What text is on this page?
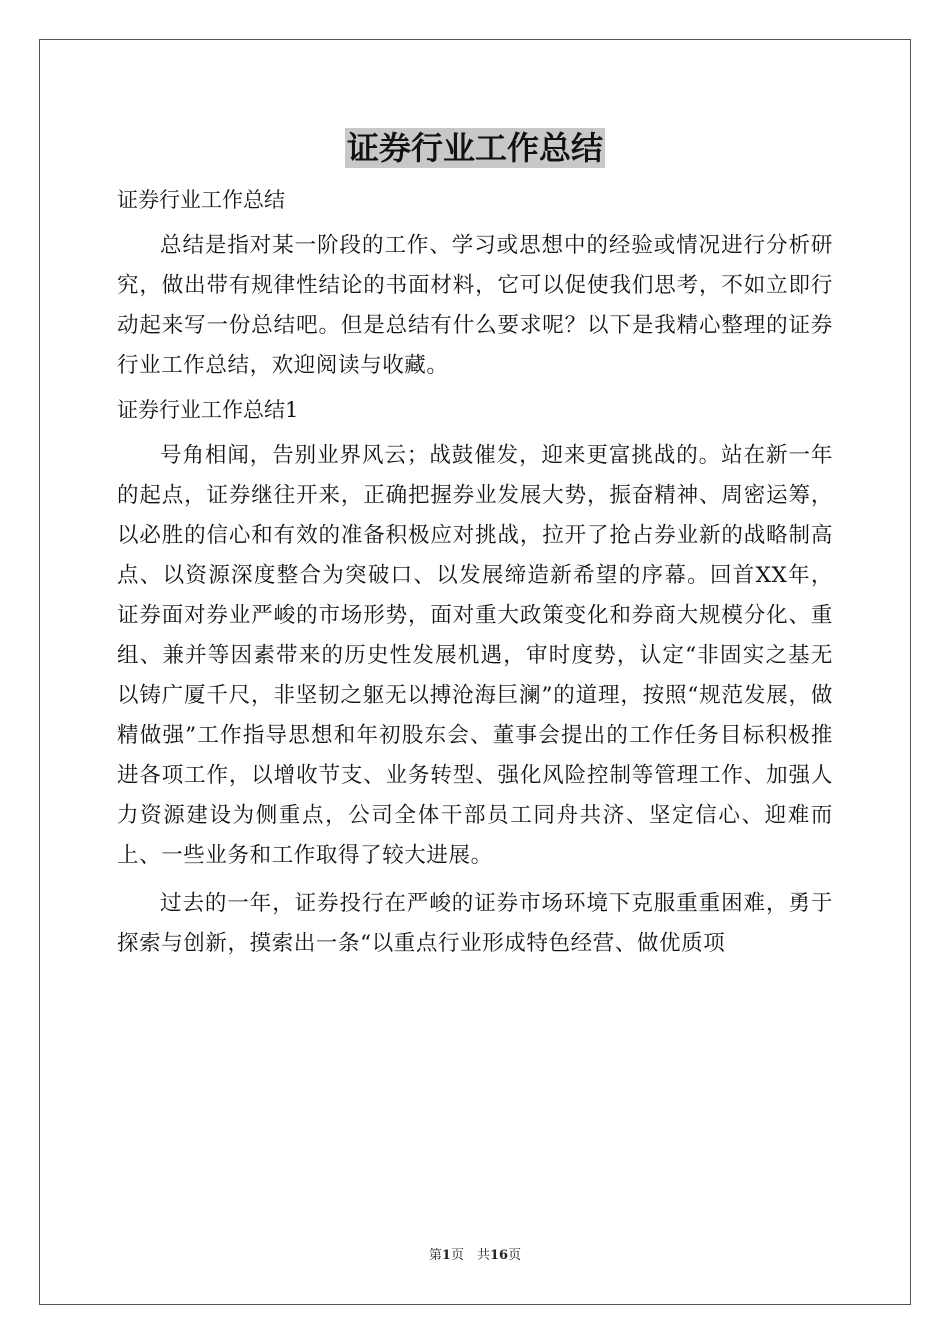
证券行业工作总结

证券行业工作总结

总结是指对某一阶段的工作、学习或思想中的经验或情况进行分析研究，做出带有规律性结论的书面材料，它可以促使我们思考，不如立即行动起来写一份总结吧。但是总结有什么要求呢？以下是我精心整理的证券行业工作总结，欢迎阅读与收藏。

证券行业工作总结1

号角相闻，告别业界风云；战鼓催发，迎来更富挑战的。站在新一年的起点，证券继往开来，正确把握券业发展大势，振奋精神、周密运筹，以必胜的信心和有效的准备积极应对挑战，拉开了抢占券业新的战略制高点、以资源深度整合为突破口、以发展缔造新希望的序幕。回首XX年，证券面对券业严峻的市场形势，面对重大政策变化和券商大规模分化、重组、兼并等因素带来的历史性发展机遇，审时度势，认定“非固实之基无以铸广厦千尺，非坚韧之躯无以搏沧海巨澜”的道理，按照“规范发展，做精做强”工作指导思想和年初股东会、董事会提出的工作任务目标积极推进各项工作，以增收节支、业务转型、强化风险控制等管理工作、加强人力资源建设为侧重点，公司全体干部员工同舟共济、坚定信心、迎难而上、一些业务和工作取得了较大进展。

过去的一年，证券投行在严峻的证券市场环境下克服重重困难，勇于探索与创新，摸索出一条“以重点行业形成特色经营、做优质项

第1页　共16页
